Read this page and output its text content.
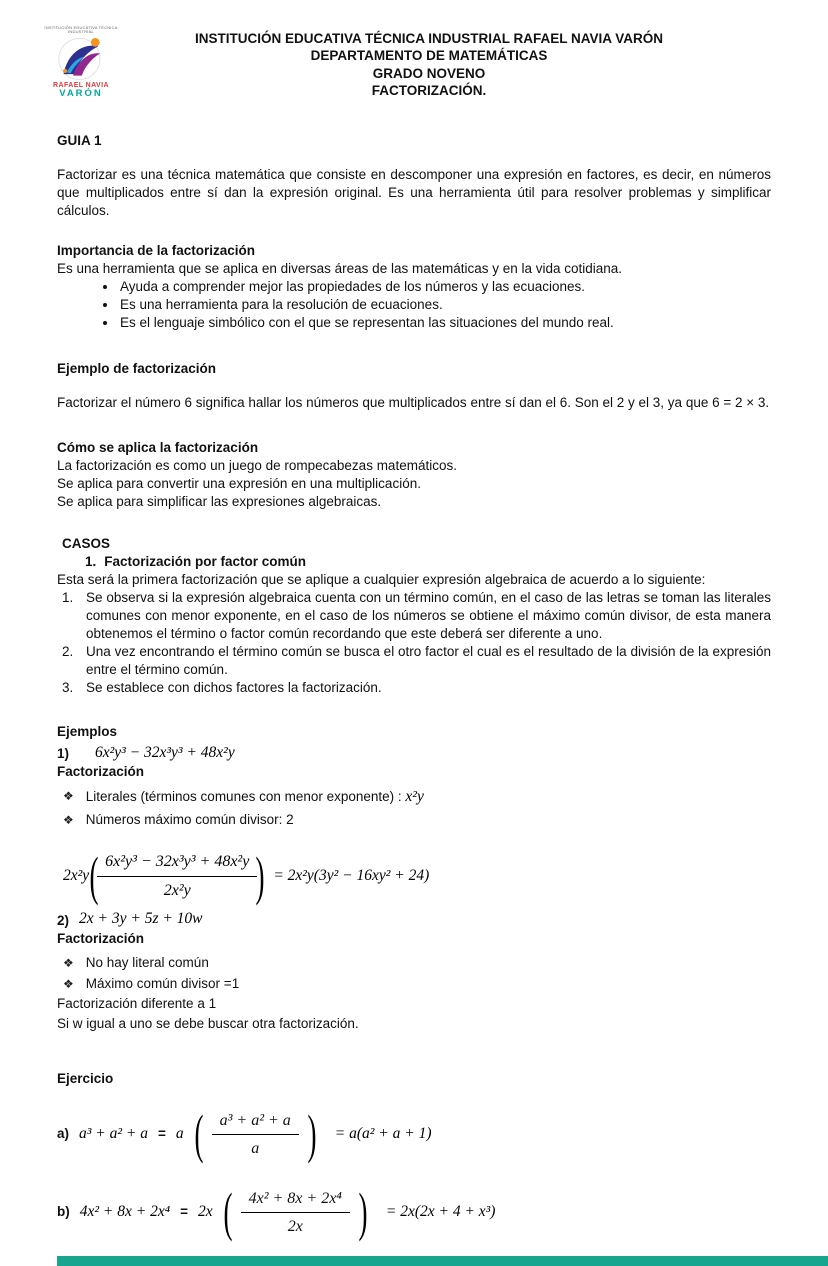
INSTITUCIÓN EDUCATIVA TÉCNICA INDUSTRIAL
RAFAEL NAVIA
VARÓN
INSTITUCIÓN EDUCATIVA TÉCNICA INDUSTRIAL RAFAEL NAVIA VARÓN
DEPARTAMENTO DE MATEMÁTICAS
GRADO NOVENO
FACTORIZACIÓN.
GUIA 1

Factorizar es una técnica matemática que consiste en descomponer una expresión en factores, es decir, en números que multiplicados entre sí dan la expresión original. Es una herramienta útil para resolver problemas y simplificar cálculos.

Importancia de la factorización

Es una herramienta que se aplica en diversas áreas de las matemáticas y en la vida cotidiana.

• Ayuda a comprender mejor las propiedades de los números y las ecuaciones.
• Es una herramienta para la resolución de ecuaciones.
• Es el lenguaje simbólico con el que se representan las situaciones del mundo real.
Ejemplo de factorización

Factorizar el número 6 significa hallar los números que multiplicados entre sí dan el 6. Son el 2 y el 3, ya que 6 = 2 × 3.

Cómo se aplica la factorización
La factorización es como un juego de rompecabezas matemáticos.
Se aplica para convertir una expresión en una multiplicación.
Se aplica para simplificar las expresiones algebraicas.
CASOS
1. Factorización por factor común

Esta será la primera factorización que se aplique a cualquier expresión algebraica de acuerdo a lo siguiente:

1. Se observa si la expresión algebraica cuenta con un término común, en el caso de las letras se toman las literales comunes con menor exponente, en el caso de los números se obtiene el máximo común divisor, de esta manera obtenemos el término o factor común recordando que este deberá ser diferente a uno.
2. Una vez encontrando el término común se busca el otro factor el cual es el resultado de la división de la expresión entre el término común.
3. Se establece con dichos factores la factorización.
Ejemplos
1) 6x²y³ − 32x³y³ + 48x²y
Factorización
❖ Literales (términos comunes con menor exponente) : x²y
❖ Números máximo común divisor: 2
2x²y (
$\frac{\text{6x²y³ − 32x³y³ + 48x²y}}{\text{2x²y}}$
) = 2x²y(3y² − 16xy² + 24)
2) 2x + 3y + 5z + 10w
Factorización
❖ No hay literal común
❖ Máximo común divisor =1
Factorización diferente a 1
Si w igual a uno se debe buscar otra factorización.
Ejercicio
a) a³ + a² + a = a ( $\frac{\text{a³ + a² + a}}{a}$ ) = a(a² + a + 1)
b) 4x² + 8x + 2x⁴ = 2x ( $\frac{\text{4x² + 8x + 2x⁴}}{2x}$ ) = 2x(2x + 4 + x³)
